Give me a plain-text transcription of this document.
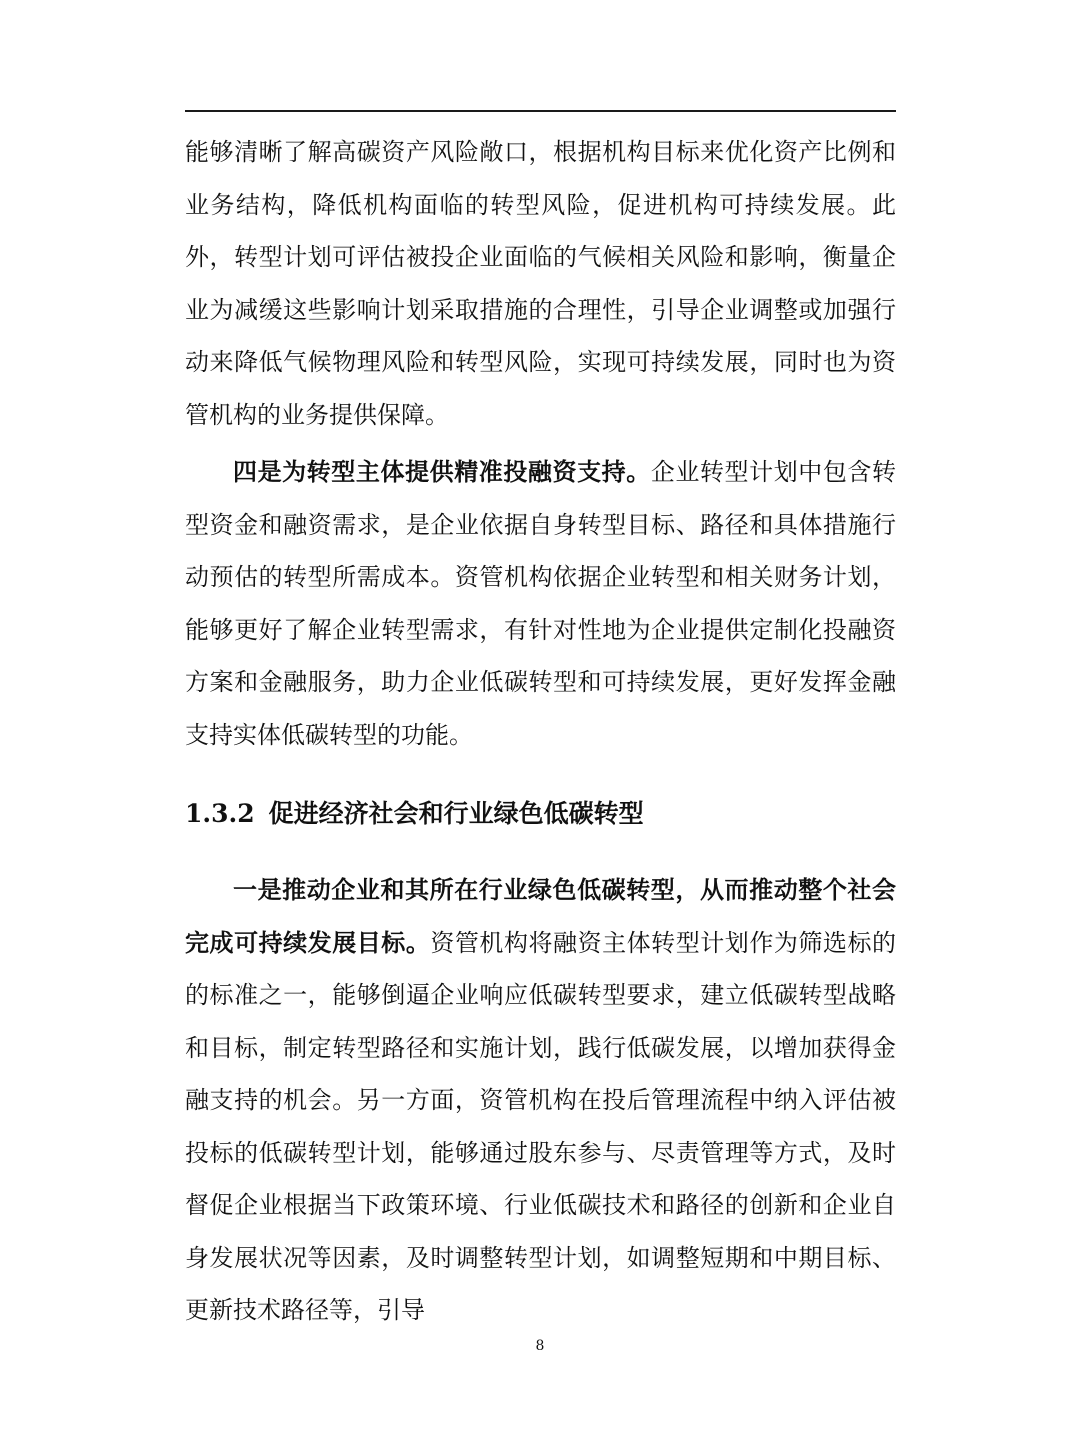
能够清晰了解高碳资产风险敞口，根据机构目标来优化资产比例和业务结构，降低机构面临的转型风险，促进机构可持续发展。此外，转型计划可评估被投企业面临的气候相关风险和影响，衡量企业为减缓这些影响计划采取措施的合理性，引导企业调整或加强行动来降低气候物理风险和转型风险，实现可持续发展，同时也为资管机构的业务提供保障。

四是为转型主体提供精准投融资支持。企业转型计划中包含转型资金和融资需求，是企业依据自身转型目标、路径和具体措施行动预估的转型所需成本。资管机构依据企业转型和相关财务计划，能够更好了解企业转型需求，有针对性地为企业提供定制化投融资方案和金融服务，助力企业低碳转型和可持续发展，更好发挥金融支持实体低碳转型的功能。

1.3.2 促进经济社会和行业绿色低碳转型

一是推动企业和其所在行业绿色低碳转型，从而推动整个社会完成可持续发展目标。资管机构将融资主体转型计划作为筛选标的的标准之一，能够倒逼企业响应低碳转型要求，建立低碳转型战略和目标，制定转型路径和实施计划，践行低碳发展，以增加获得金融支持的机会。另一方面，资管机构在投后管理流程中纳入评估被投标的低碳转型计划，能够通过股东参与、尽责管理等方式，及时督促企业根据当下政策环境、行业低碳技术和路径的创新和企业自身发展状况等因素，及时调整转型计划，如调整短期和中期目标、更新技术路径等，引导

8
